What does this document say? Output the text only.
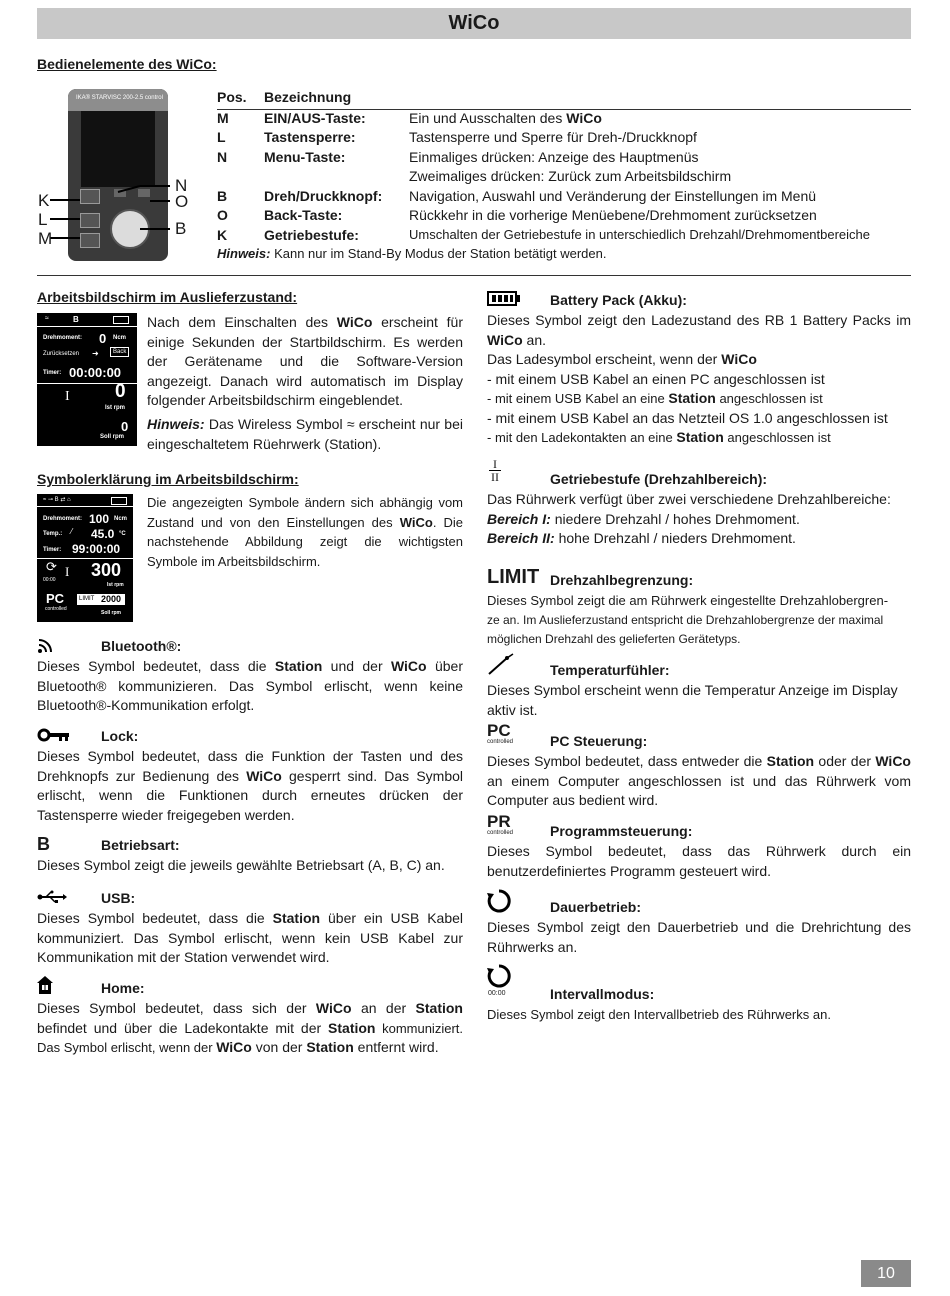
WiCo
Bedienelemente des WiCo:
IKA® STARVISC 200-2.5 control
K
L
M
N
O
B
Pos.	Bezeichnung	
M	EIN/AUS-Taste:	Ein und Ausschalten des WiCo
L	Tastensperre:	Tastensperre und Sperre für Dreh-/Druckknopf
N	Menu-Taste:	Einmaliges drücken: Anzeige des Hauptmenüs
		Zweimaliges drücken: Zurück zum Arbeitsbildschirm
B	Dreh/Druckknopf:	Navigation, Auswahl und Veränderung der Einstellungen im Menü
O	Back-Taste:	Rückkehr in die vorherige Menüebene/Drehmoment zurücksetzen
K	Getriebestufe:	Umschalten der Getriebestufe in unterschiedlich Drehzahl/Drehmomentbereiche
Hinweis: Kann nur im Stand-By Modus der Station betätigt werden.
Arbeitsbildschirm im Auslieferzustand:
≈	B
Drehmoment: 0 Ncm
Zurücksetzen ➜	Back
Timer: 00:00:00
I 0
Ist rpm
0
Soll rpm
Nach dem Einschalten des WiCo erscheint für einige Sekunden der Startbildschirm. Es werden der Gerätename und die Software-Version angezeigt. Danach wird automatisch im Display folgender Arbeitsbildschirm eingeblendet.
Hinweis: Das Wireless Symbol ≈ erscheint nur bei eingeschaltetem Rüehrwerk (Station).
Symbolerklärung im Arbeitsbildschirm:
≈ ⊸ B ⇄ ⌂
Drehmoment: 100 Ncm
Temp.: ⁄ 45.0 °C
Timer: 99:00:00
⟳
00:00
I 300
Ist rpm
PC
controlled
LIMIT 2000
Soll rpm
Die angezeigten Symbole ändern sich abhängig vom Zustand und von den Einstellungen des WiCo. Die nachstehende Abbildung zeigt die wichtigsten Symbole im Arbeitsbildschirm.
Bluetooth®:
Dieses Symbol bedeutet, dass die Station und der WiCo über Bluetooth® kommunizieren. Das Symbol erlischt, wenn keine Bluetooth®-Kommunikation erfolgt.
Lock:
Dieses Symbol bedeutet, dass die Funktion der Tasten und des Drehknopfs zur Bedienung des WiCo gesperrt sind. Das Symbol erlischt, wenn die Funktionen durch erneutes drücken der Tastensperre wieder freigegeben werden.
B	Betriebsart:
Dieses Symbol zeigt die jeweils gewählte Betriebsart (A, B, C) an.
USB:
Dieses Symbol bedeutet, dass die Station über ein USB Kabel kommuniziert. Das Symbol erlischt, wenn kein USB Kabel zur Kommunikation mit der Station verwendet wird.
Home:
Dieses Symbol bedeutet, dass sich der WiCo an der Station befindet und über die Ladekontakte mit der Station kommuniziert. Das Symbol erlischt, wenn der WiCo von der Station entfernt wird.
Battery Pack (Akku):
Dieses Symbol zeigt den Ladezustand des RB 1 Battery Packs im WiCo an.
Das Ladesymbol erscheint, wenn der WiCo
- mit einem USB Kabel an einen PC angeschlossen ist
- mit einem USB Kabel an eine Station angeschlossen ist
- mit einem USB Kabel an das Netzteil OS 1.0 angeschlossen ist
- mit den Ladekontakten an eine Station angeschlossen ist
I
II	Getriebestufe (Drehzahlbereich):
Das Rührwerk verfügt über zwei verschiedene Drehzahlbereiche:
Bereich I: niedere Drehzahl / hohes Drehmoment.
Bereich II: hohe Drehzahl / nieders Drehmoment.
LIMIT Drehzahlbegrenzung:
Dieses Symbol zeigt die am Rührwerk eingestellte Drehzahlobergren-
ze an. Im Auslieferzustand entspricht die Drehzahlobergrenze der maximal
möglichen Drehzahl des gelieferten Gerätetyps.
Temperaturfühler:
Dieses Symbol erscheint wenn die Temperatur Anzeige im Display aktiv ist.
PC
controlled	PC Steuerung:
Dieses Symbol bedeutet, dass entweder die Station oder der WiCo an einem Computer angeschlossen ist und das Rührwerk vom Computer aus bedient wird.
PR
controlled	Programmsteuerung:
Dieses Symbol bedeutet, dass das Rührwerk durch ein benutzerdefiniertes Programm gesteuert wird.
Dauerbetrieb:
Dieses Symbol zeigt den Dauerbetrieb und die Drehrichtung des Rührwerks an.
00:00	Intervallmodus:
Dieses Symbol zeigt den Intervallbetrieb des Rührwerks an.
10
